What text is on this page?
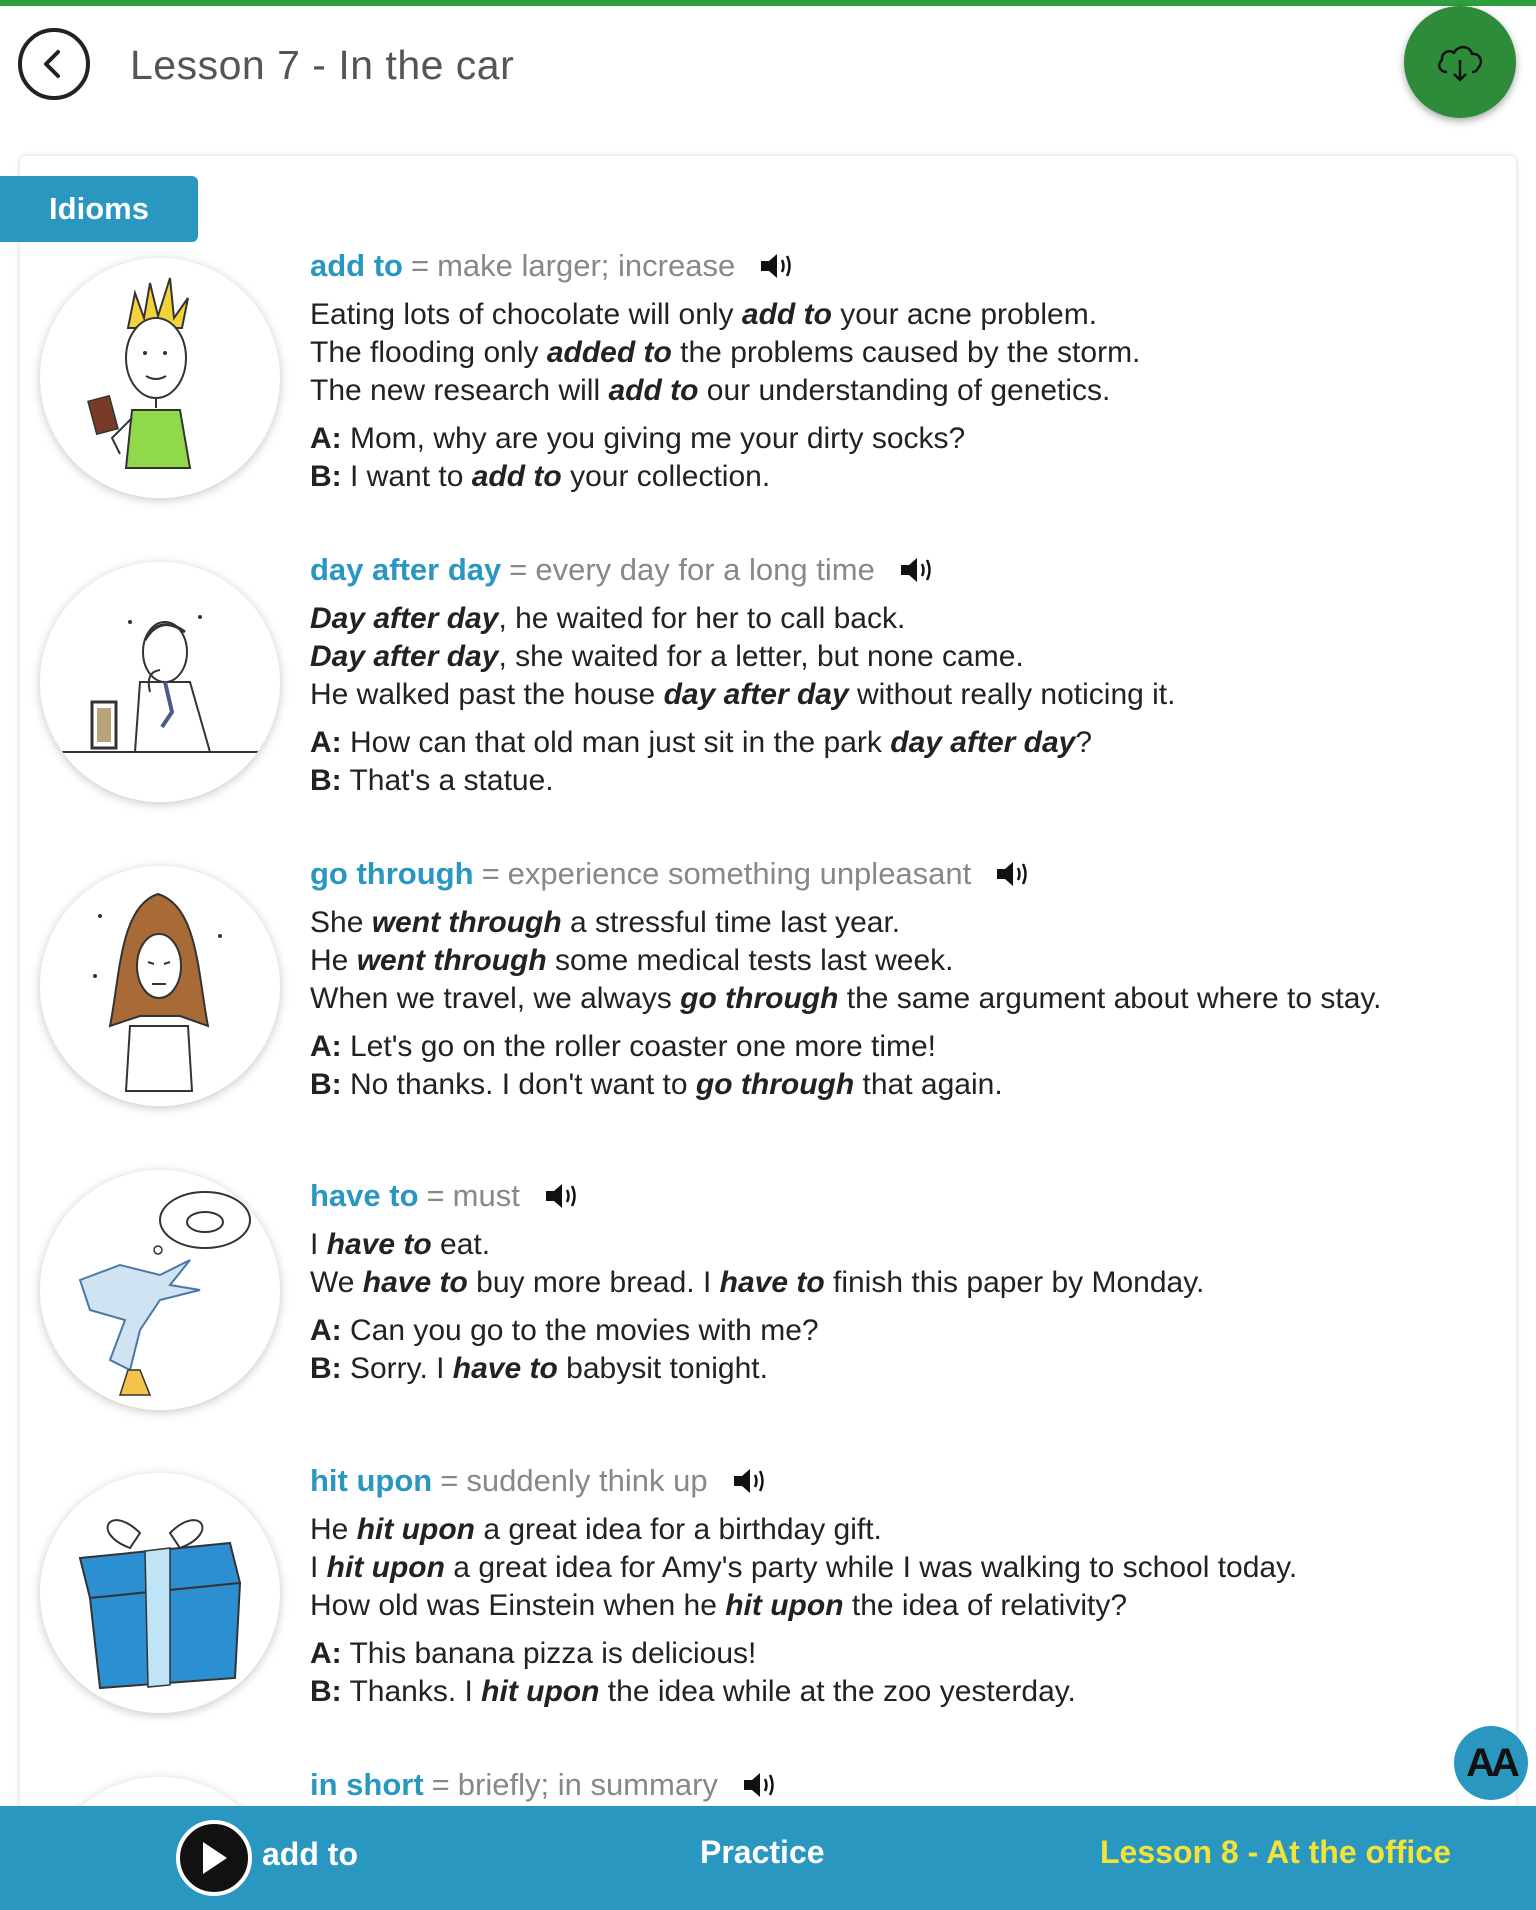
Lesson 7 - In the car
Idioms
add to = make larger; increase
Eating lots of chocolate will only add to your acne problem.
The flooding only added to the problems caused by the storm.
The new research will add to our understanding of genetics.
A: Mom, why are you giving me your dirty socks?
B: I want to add to your collection.
day after day = every day for a long time
Day after day, he waited for her to call back.
Day after day, she waited for a letter, but none came.
He walked past the house day after day without really noticing it.
A: How can that old man just sit in the park day after day?
B: That's a statue.
go through = experience something unpleasant
She went through a stressful time last year.
He went through some medical tests last week.
When we travel, we always go through the same argument about where to stay.
A: Let's go on the roller coaster one more time!
B: No thanks. I don't want to go through that again.
have to = must
I have to eat.
We have to buy more bread. I have to finish this paper by Monday.
A: Can you go to the movies with me?
B: Sorry. I have to babysit tonight.
hit upon = suddenly think up
He hit upon a great idea for a birthday gift.
I hit upon a great idea for Amy's party while I was walking to school today.
How old was Einstein when he hit upon the idea of relativity?
A: This banana pizza is delicious!
B: Thanks. I hit upon the idea while at the zoo yesterday.
in short = briefly; in summary	AA
add to	Practice	Lesson 8 - At the office
